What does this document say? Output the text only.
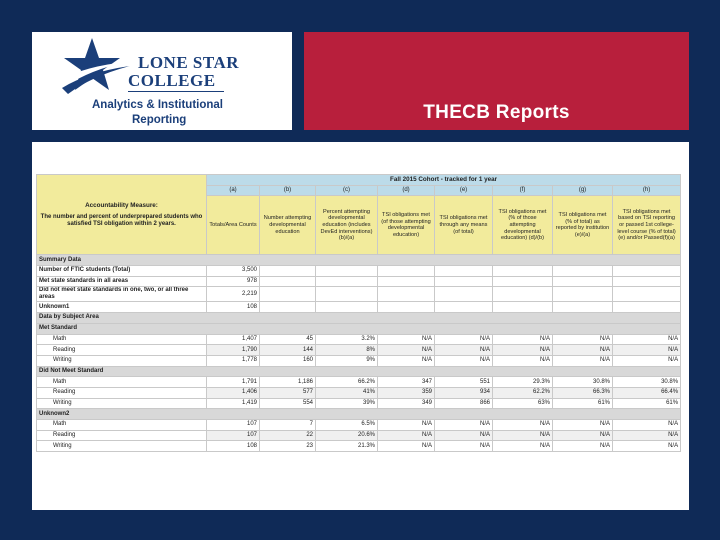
LONE STAR
COLLEGE
Analytics & Institutional
Reporting	THECB Reports
Accountability Measure:
The number and percent of underprepared students who satisfied TSI obligation within 2 years.	Fall 2015 Cohort - tracked for 1 year							
	(a)	(b)	(c)	(d)	(e)	(f)	(g)	(h)
	Totals/Area Counts	Number attempting developmental education	Percent attempting developmental education (includes DevEd interventions) (b)/(a)	TSI obligations met (of those attempting developmental education)	TSI obligations met through any means (of total)	TSI obligations met (% of those attempting developmental education) (d)/(b)	TSI obligations met (% of total) as reported by institution (e)/(a)	TSI obligations met based on TSI reporting or passed 1st college-level course (% of total) (e) and/or Passed(f)(a)
Summary Data								
Number of FTIC students (Total)	3,500							
Met state standards in all areas	978							
Did not meet state standards in one, two, or all three areas	2,219							
Unknown1	108							
Data by Subject Area								
Met Standard								
Math	1,407	45	3.2%	N/A	N/A	N/A	N/A	N/A
Reading	1,790	144	8%	N/A	N/A	N/A	N/A	N/A
Writing	1,778	160	9%	N/A	N/A	N/A	N/A	N/A
Did Not Meet Standard								
Math	1,791	1,186	66.2%	347	551	29.3%	30.8%	30.8%
Reading	1,406	577	41%	359	934	62.2%	66.3%	66.4%
Writing	1,419	554	39%	349	866	63%	61%	61%
Unknown2								
Math	107	7	6.5%	N/A	N/A	N/A	N/A	N/A
Reading	107	22	20.6%	N/A	N/A	N/A	N/A	N/A
Writing	108	23	21.3%	N/A	N/A	N/A	N/A	N/A
